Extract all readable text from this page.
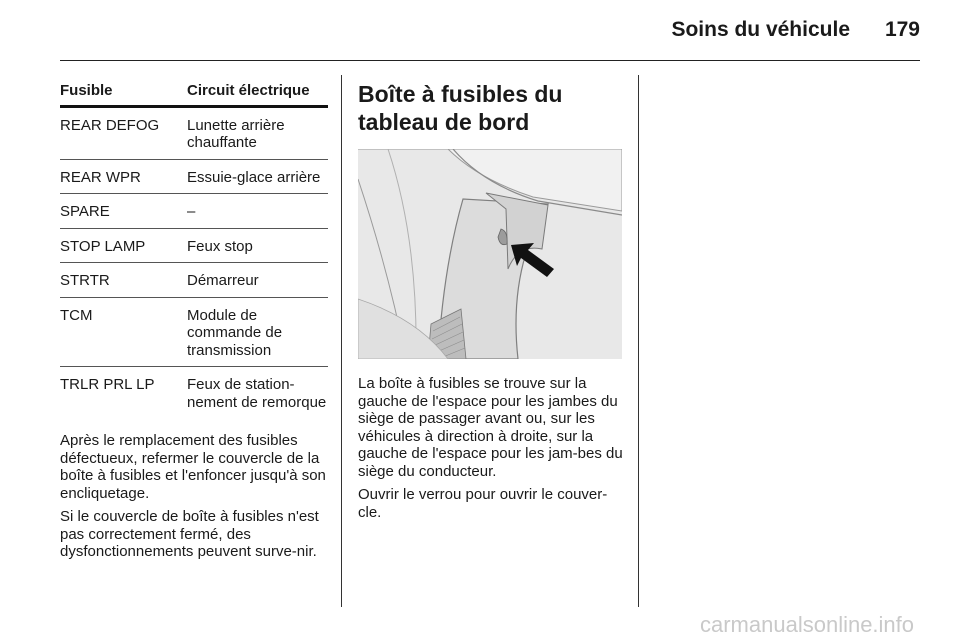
Soins du véhicule 179
Fusible	Circuit électrique
REAR DEFOG	Lunette arrière chauffante
REAR WPR	Essuie-glace arrière
SPARE	–
STOP LAMP	Feux stop
STRTR	Démarreur
TCM	Module de commande de transmission
TRLR PRL LP	Feux de station-nement de remorque

Après le remplacement des fusibles défectueux, refermer le couvercle de la boîte à fusibles et l'enfoncer jusqu'à son encliquetage.

Si le couvercle de boîte à fusibles n'est pas correctement fermé, des dysfonctionnements peuvent surve-nir.

Boîte à fusibles du tableau de bord

La boîte à fusibles se trouve sur la gauche de l'espace pour les jambes du siège de passager avant ou, sur les véhicules à direction à droite, sur la gauche de l'espace pour les jam-bes du siège du conducteur.

Ouvrir le verrou pour ouvrir le couver-cle.

carmanualsonline.info
